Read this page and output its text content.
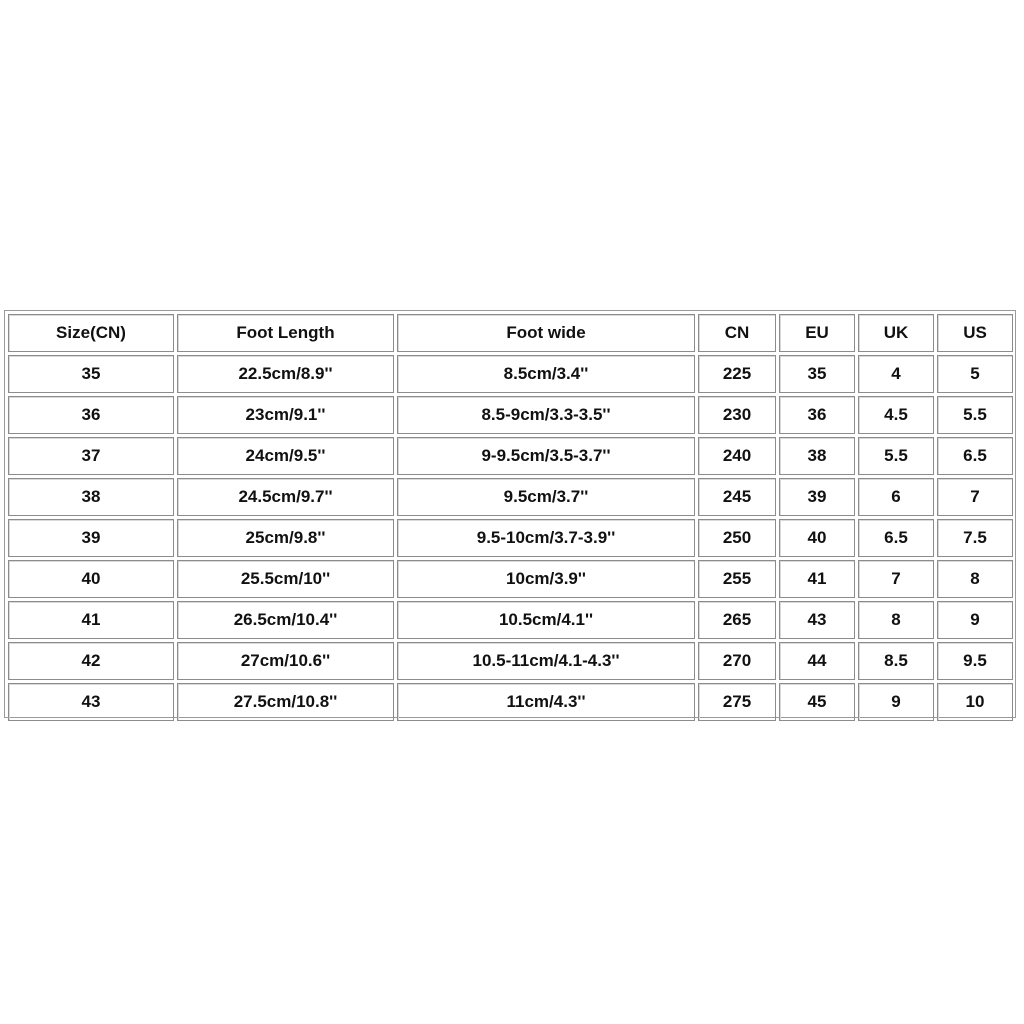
Size(CN)	Foot Length	Foot wide	CN	EU	UK	US
35	22.5cm/8.9''	8.5cm/3.4''	225	35	4	5
36	23cm/9.1''	8.5-9cm/3.3-3.5''	230	36	4.5	5.5
37	24cm/9.5''	9-9.5cm/3.5-3.7''	240	38	5.5	6.5
38	24.5cm/9.7''	9.5cm/3.7''	245	39	6	7
39	25cm/9.8''	9.5-10cm/3.7-3.9''	250	40	6.5	7.5
40	25.5cm/10''	10cm/3.9''	255	41	7	8
41	26.5cm/10.4''	10.5cm/4.1''	265	43	8	9
42	27cm/10.6''	10.5-11cm/4.1-4.3''	270	44	8.5	9.5
43	27.5cm/10.8''	11cm/4.3''	275	45	9	10
